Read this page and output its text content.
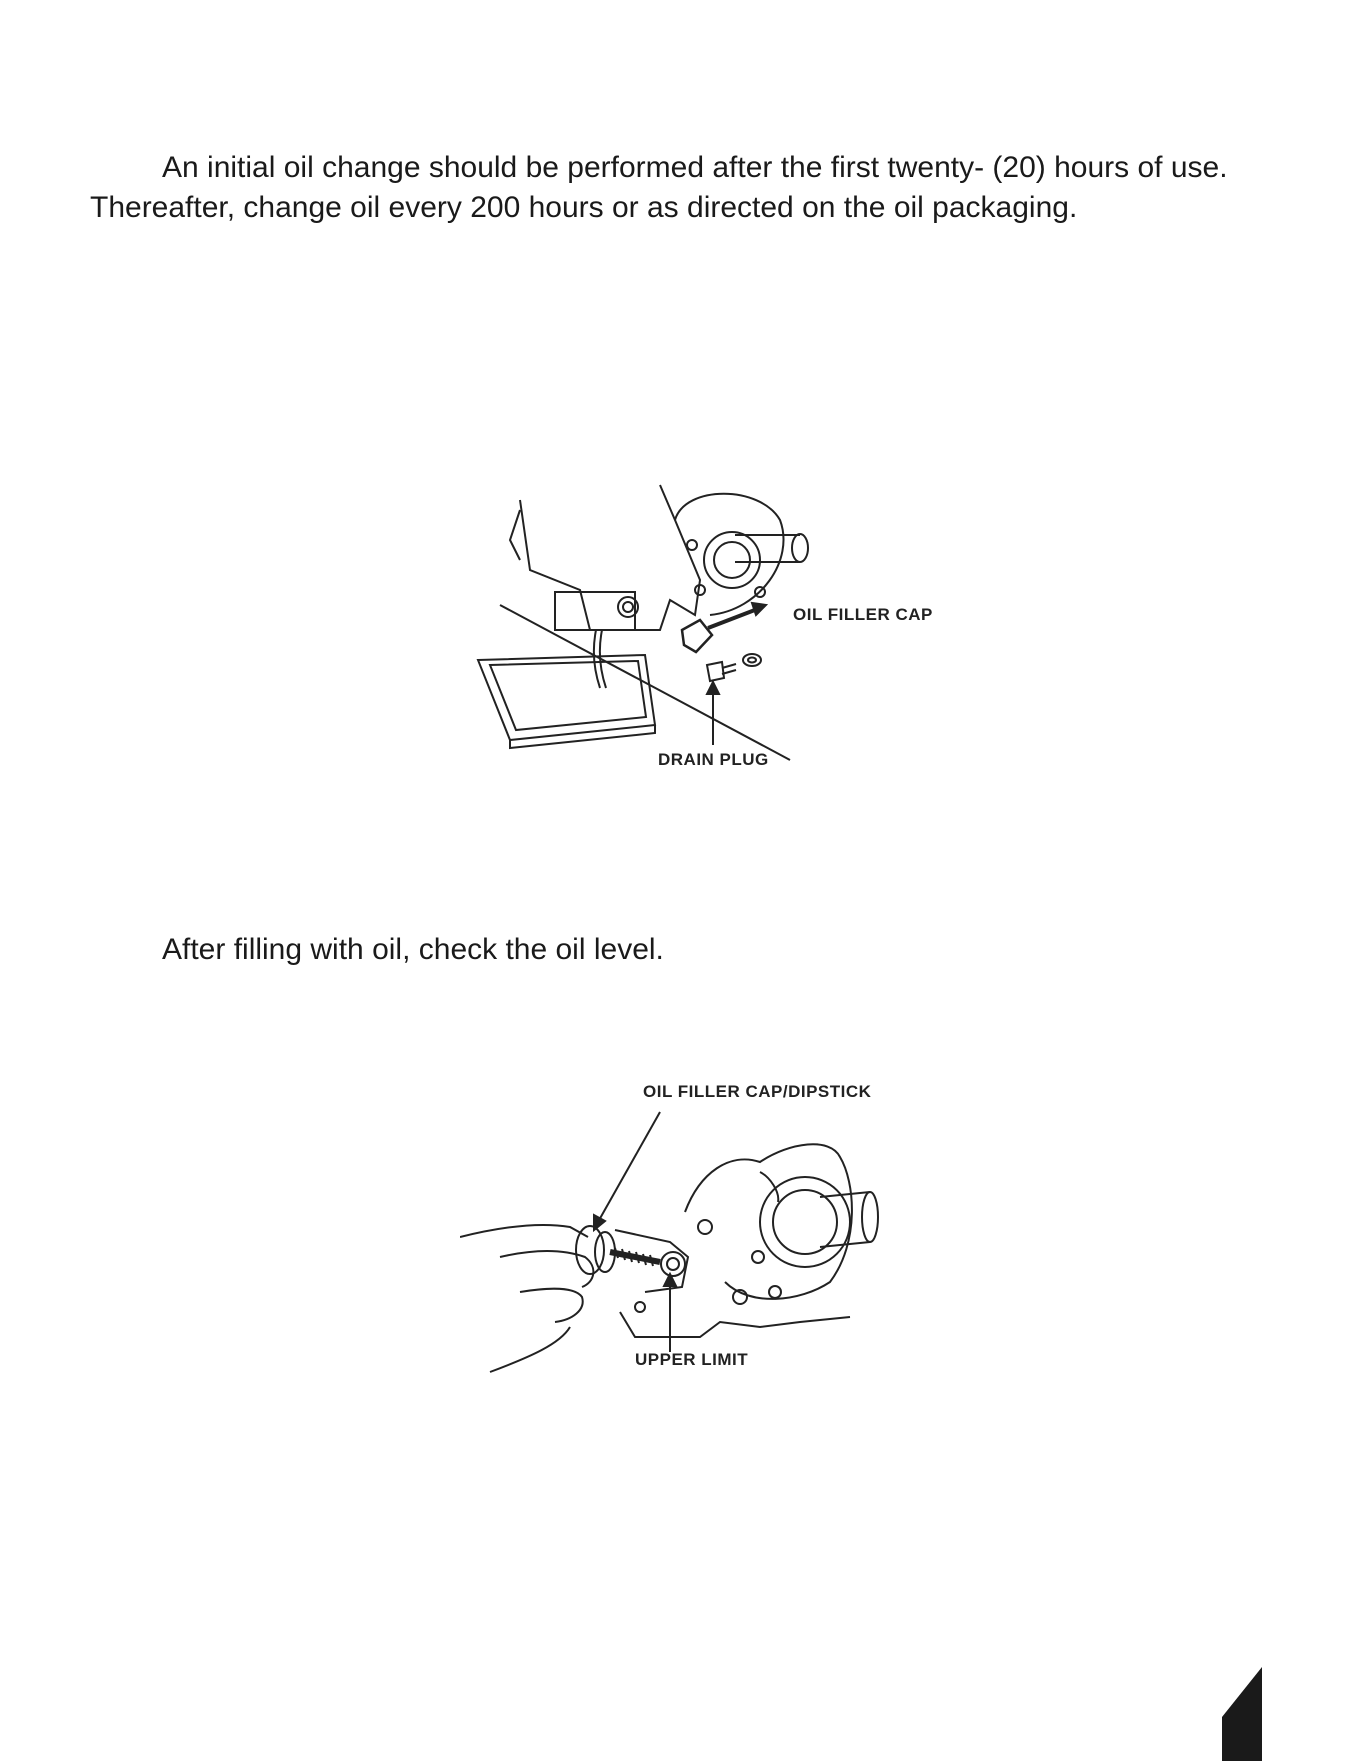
An initial oil change should be performed after the first twenty- (20) hours of use. Thereafter, change oil every 200 hours or as directed on the oil packaging.

OIL FILLER CAP
DRAIN PLUG

After filling with oil, check the oil level.

OIL FILLER CAP/DIPSTICK
UPPER LIMIT
